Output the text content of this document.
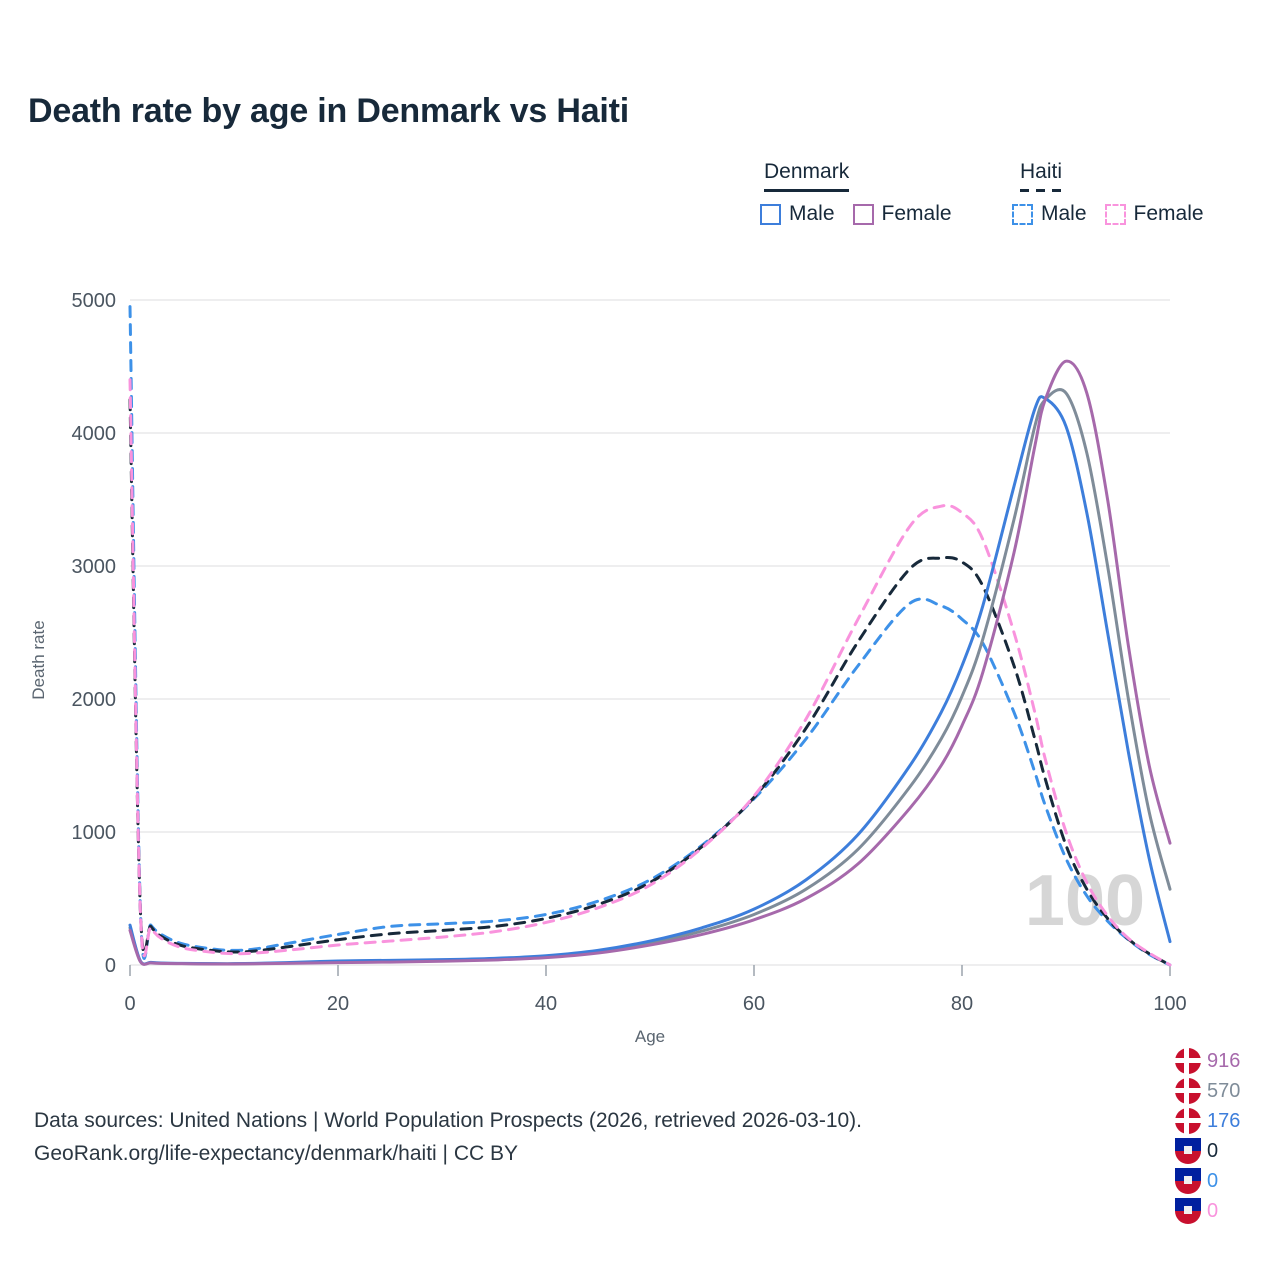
Death rate by age in Denmark vs Haiti
Denmark	Haiti
Male Female	Male Female
5000
4000
3000
2000
1000
0
0	20	40	60	80	100
Age
Death rate
100
916
570
176
0
0
0
Data sources: United Nations | World Population Prospects (2026, retrieved 2026-03-10).
GeoRank.org/life-expectancy/denmark/haiti | CC BY
